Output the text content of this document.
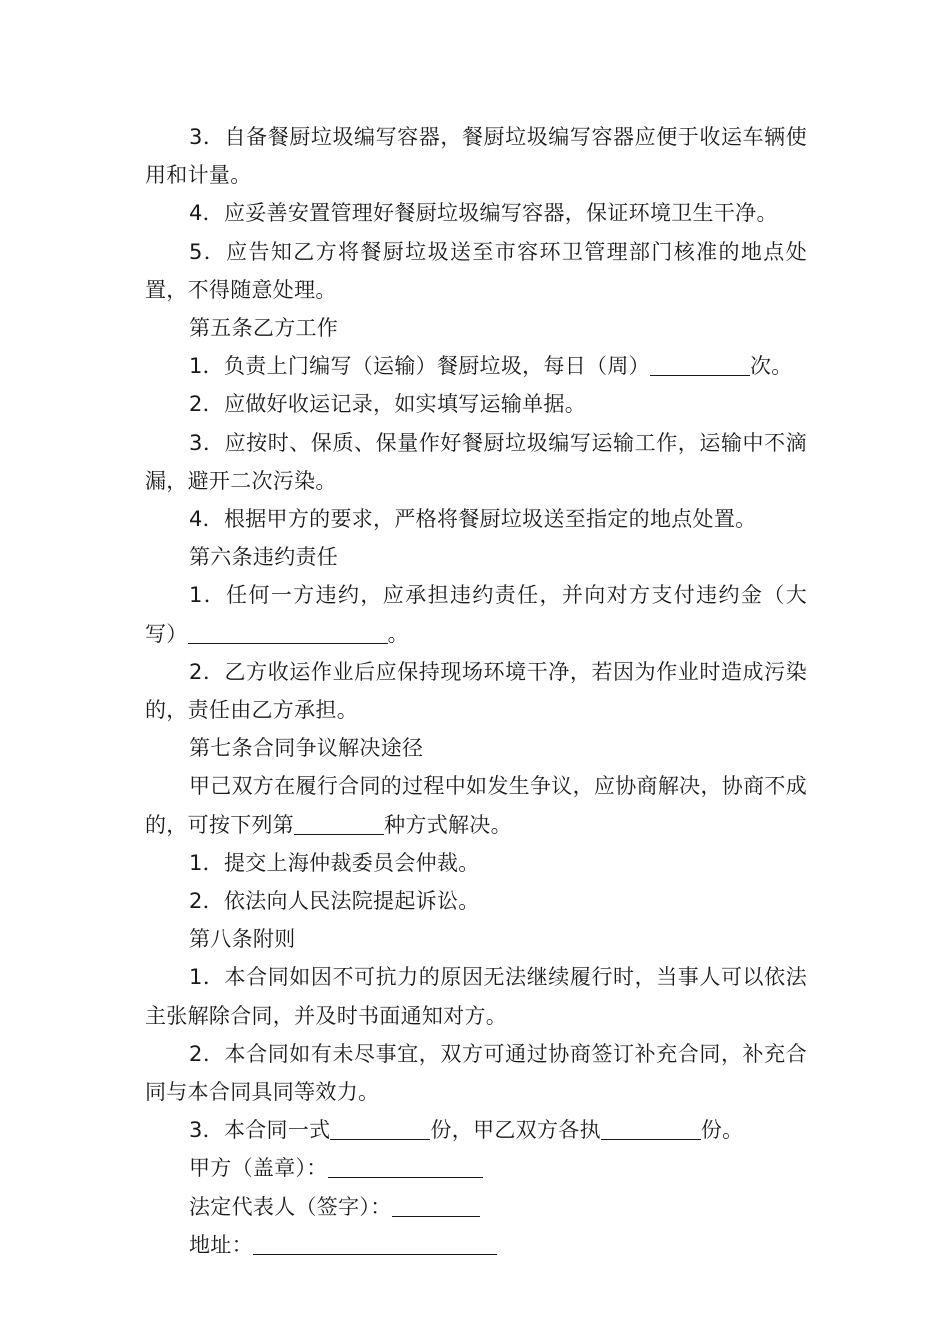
3．自备餐厨垃圾编写容器，餐厨垃圾编写容器应便于收运车辆使用和计量。

4．应妥善安置管理好餐厨垃圾编写容器，保证环境卫生干净。

5．应告知乙方将餐厨垃圾送至市容环卫管理部门核准的地点处置，不得随意处理。

第五条乙方工作

1．负责上门编写（运输）餐厨垃圾，每日（周）	次。

2．应做好收运记录，如实填写运输单据。

3．应按时、保质、保量作好餐厨垃圾编写运输工作，运输中不滴漏，避开二次污染。

4．根据甲方的要求，严格将餐厨垃圾送至指定的地点处置。

第六条违约责任

1．任何一方违约，应承担违约责任，并向对方支付违约金（大写）	。

2．乙方收运作业后应保持现场环境干净，若因为作业时造成污染的，责任由乙方承担。

第七条合同争议解决途径

甲己双方在履行合同的过程中如发生争议，应协商解决，协商不成的，可按下列第	种方式解决。

1．提交上海仲裁委员会仲裁。

2．依法向人民法院提起诉讼。

第八条附则

1．本合同如因不可抗力的原因无法继续履行时，当事人可以依法主张解除合同，并及时书面通知对方。

2．本合同如有未尽事宜，双方可通过协商签订补充合同，补充合同与本合同具同等效力。

3．本合同一式	份，甲乙双方各执	份。

甲方（盖章）：

法定代表人（签字）：

地址：
